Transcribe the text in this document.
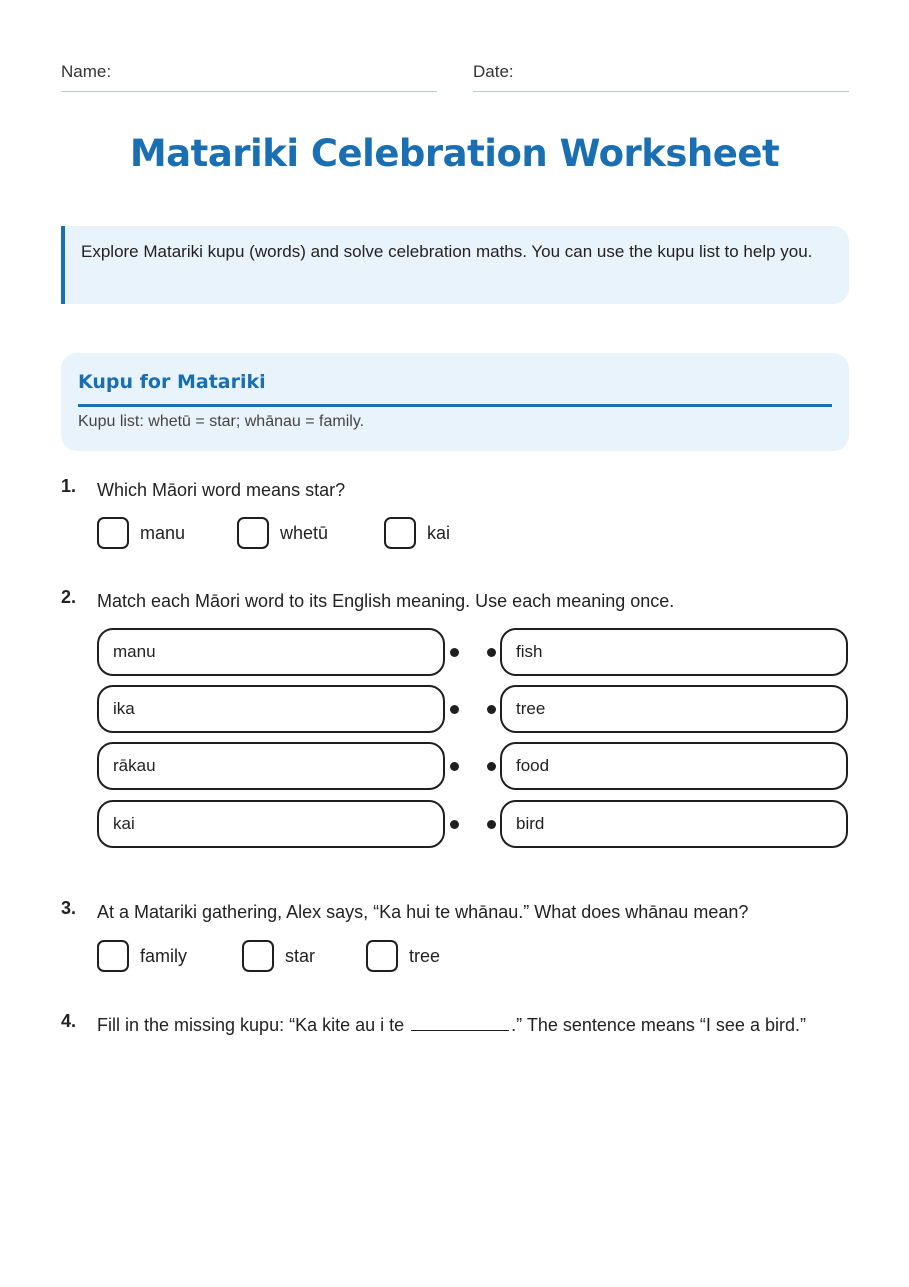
Name:	Date:
Matariki Celebration Worksheet
Explore Matariki kupu (words) and solve celebration maths. You can use the kupu list to help you.
Kupu for Matariki
Kupu list: whetū = star; whānau = family.
1. Which Māori word means star?
manu	whetū	kai
2. Match each Māori word to its English meaning. Use each meaning once.
manu
ika
rākau
kai
fish
tree
food
bird
3. At a Matariki gathering, Alex says, “Ka hui te whānau.” What does whānau mean?
family	star	tree
4. Fill in the missing kupu: “Ka kite au i te	.” The sentence means “I see a bird.”
